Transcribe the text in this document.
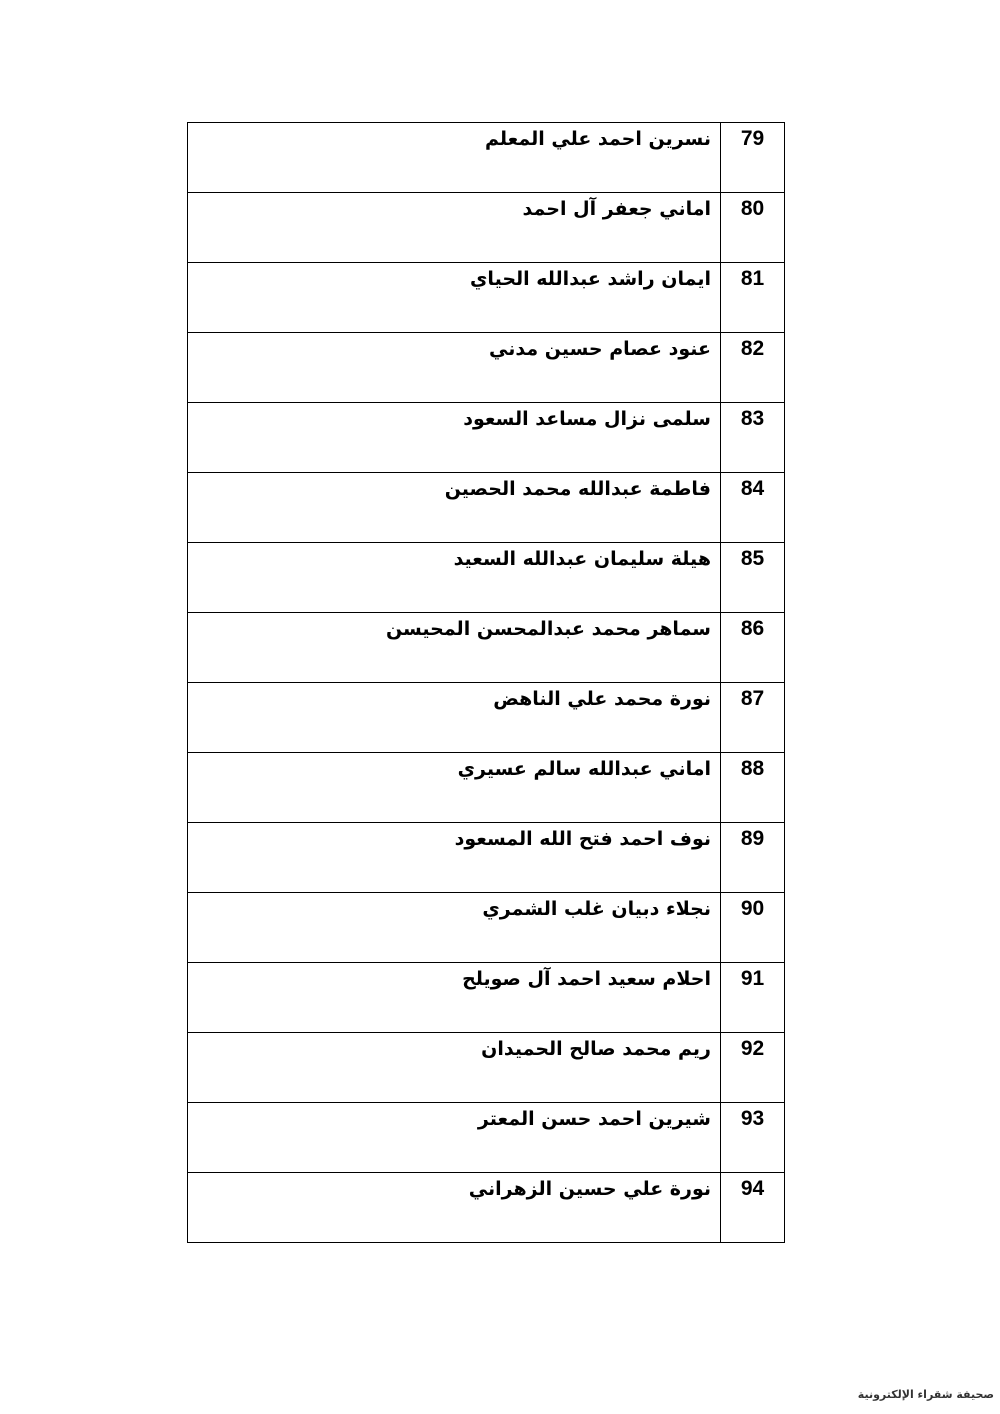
نسرين احمد علي المعلم	79

اماني جعفر آل احمد	80

ايمان راشد عبدالله الحياي	81

عنود عصام حسين مدني	82

سلمى نزال مساعد السعود	83

فاطمة عبدالله محمد الحصين	84

هيلة سليمان عبدالله السعيد	85

سماهر محمد عبدالمحسن المحيسن	86

نورة محمد علي الناهض	87

اماني عبدالله سالم عسيري	88

نوف احمد فتح الله المسعود	89

نجلاء دبيان غلب الشمري	90

احلام سعيد احمد آل صويلح	91

ريم محمد صالح الحميدان	92

شيرين احمد حسن المعتر	93

نورة علي حسين الزهراني	94
صحيفة شقراء الإلكترونية
